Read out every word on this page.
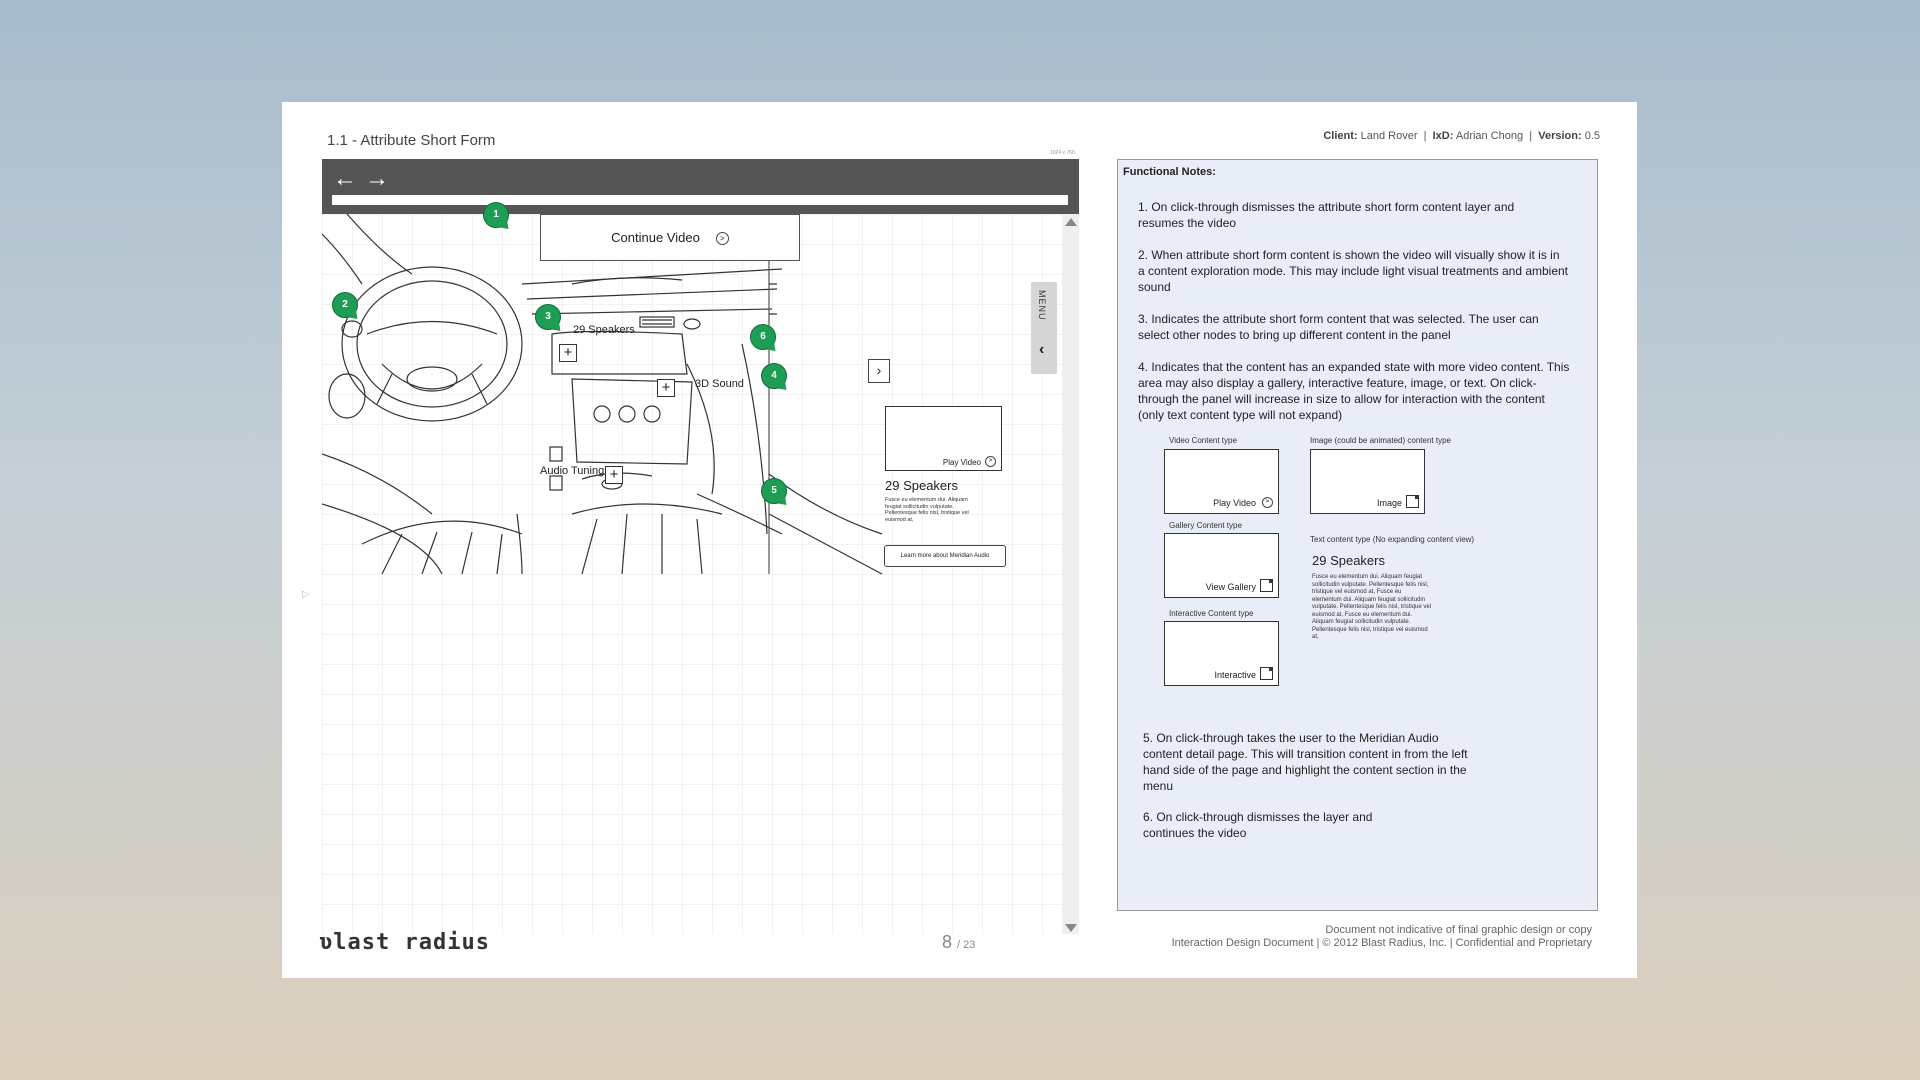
1.1 - Attribute Short Form	Client: Land Rover  |  IxD: Adrian Chong  |  Version: 0.5
← →
1024 x 768
Continue Video	>
29 Speakers
+
3D Sound
+
Audio Tuning +
›
Play Video	>
29 Speakers
Fusce eu elementum dui. Aliquam feugiat sollicitudin vulputate. Pellentesque felis nisl, tristique vel euismod at,
Learn more about Meridian Audio
MENU
‹
1
2
3
4
5
6
▷
ʋlast radius	8 / 23
Functional Notes:
1. On click-through dismisses the attribute short form content layer and resumes the video
2. When attribute short form content is shown the video will visually show it is in a content exploration mode. This may include light visual treatments and ambient sound
3. Indicates the attribute short form content that was selected. The user can select other nodes to bring up different content in the panel
4. Indicates that the content has an expanded state with more video content. This area may also display a gallery, interactive feature, image, or text. On click-through the panel will increase in size to allow for interaction with the content (only text content type will not expand)
Video Content type
Play Video	>
Image (could be animated) content type
Image
Gallery Content type
View Gallery
Text content type (No expanding content view)
29 Speakers
Fusce eu elementum dui. Aliquam feugiat sollicitudin vulputate. Pellentesque felis nisl, tristique vel euismod at, Fusce eu elementum dui. Aliquam feugiat sollicitudin vulputate. Pellentesque felis nisl, tristique vel euismod at, Fusce eu elementum dui. Aliquam feugiat sollicitudin vulputate. Pellentesque felis nisl, tristique vel euismod at,
Interactive Content type
Interactive
5. On click-through takes the user to the Meridian Audio content detail page. This will transition content in from the left hand side of the page and highlight the content section in the menu
6. On click-through dismisses the layer and continues the video
Document not indicative of final graphic design or copy
Interaction Design Document | © 2012 Blast Radius, Inc. | Confidential and Proprietary
